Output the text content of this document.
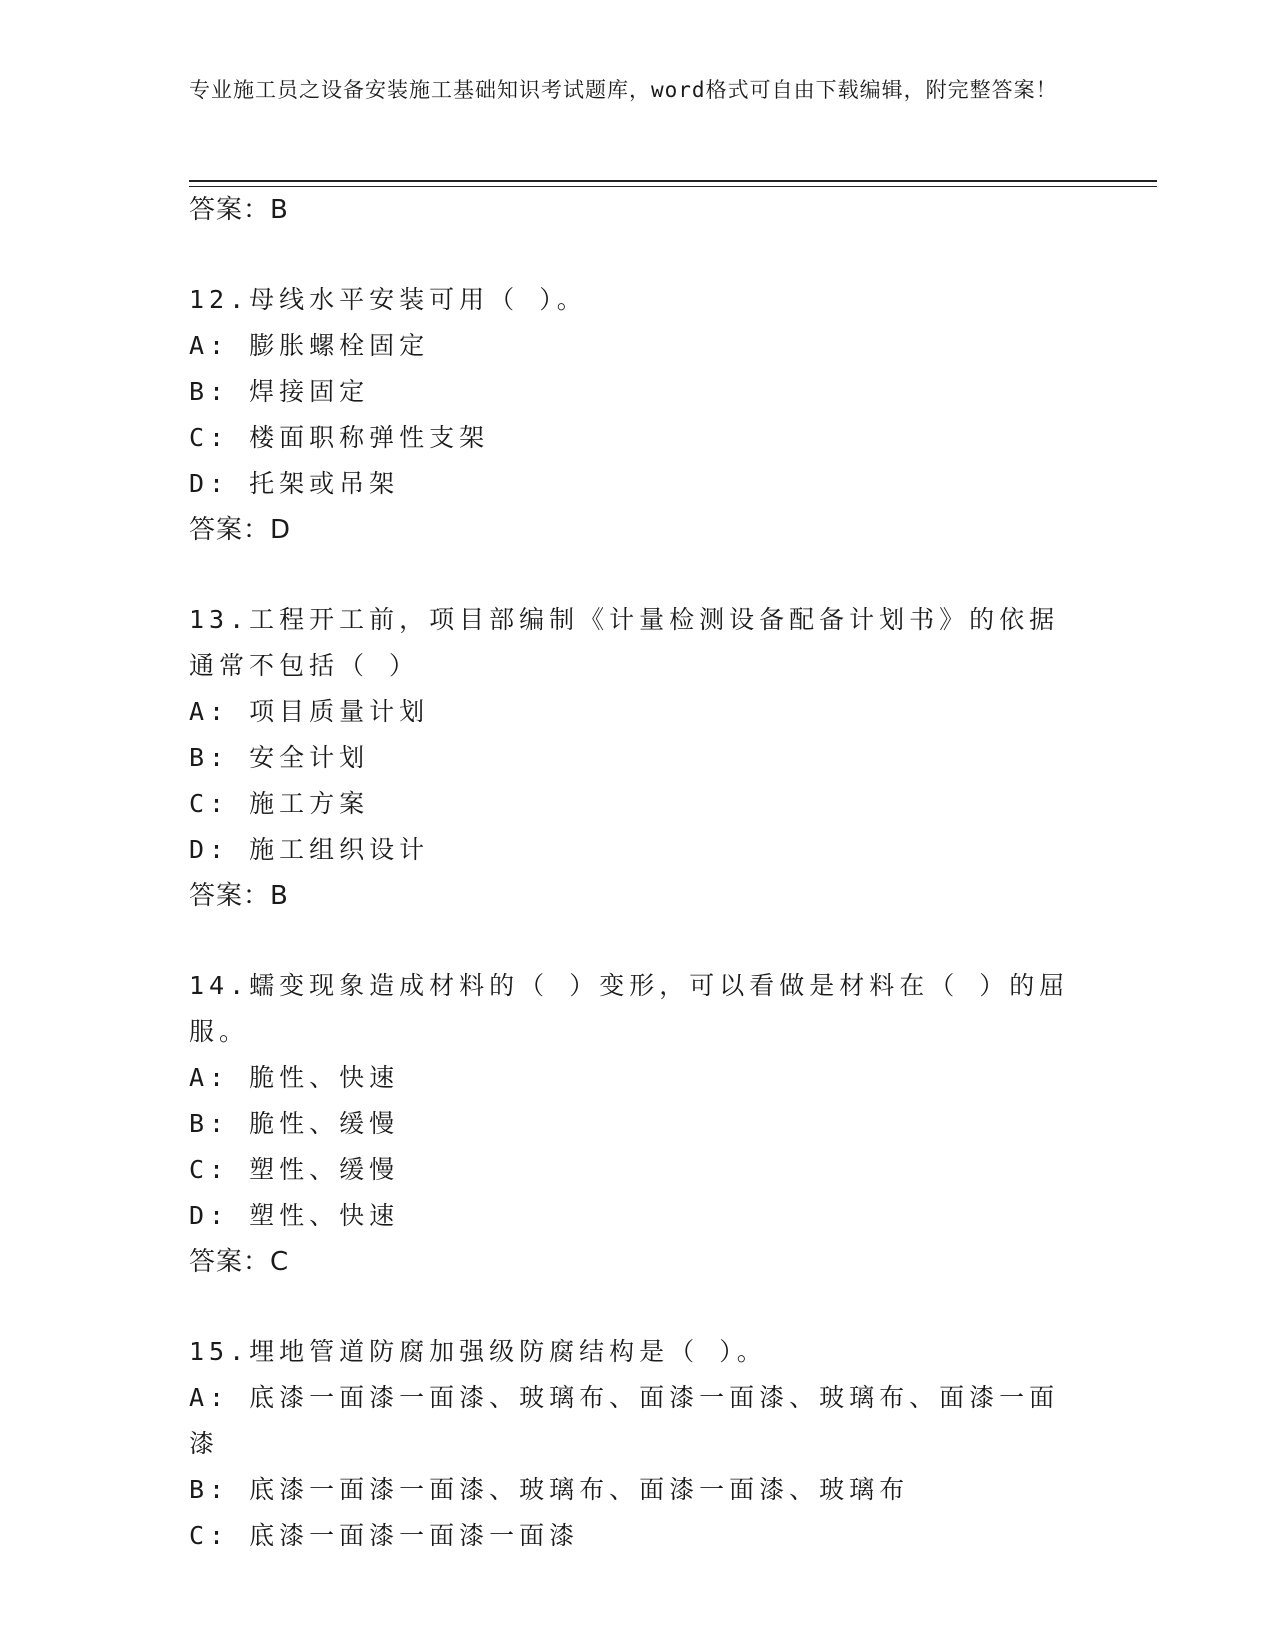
专业施工员之设备安装施工基础知识考试题库，word格式可自由下载编辑，附完整答案！
答案：B
12.母线水平安装可用（ ）。
A: 膨胀螺栓固定
B: 焊接固定
C: 楼面职称弹性支架
D: 托架或吊架
答案：D
13.工程开工前，项目部编制《计量检测设备配备计划书》的依据通常不包括（ ）
A: 项目质量计划
B: 安全计划
C: 施工方案
D: 施工组织设计
答案：B
14.蠕变现象造成材料的（ ）变形，可以看做是材料在（ ）的屈服。
A: 脆性、快速
B: 脆性、缓慢
C: 塑性、缓慢
D: 塑性、快速
答案：C
15.埋地管道防腐加强级防腐结构是（ ）。
A: 底漆一面漆一面漆、玻璃布、面漆一面漆、玻璃布、面漆一面漆
B: 底漆一面漆一面漆、玻璃布、面漆一面漆、玻璃布
C: 底漆一面漆一面漆一面漆
